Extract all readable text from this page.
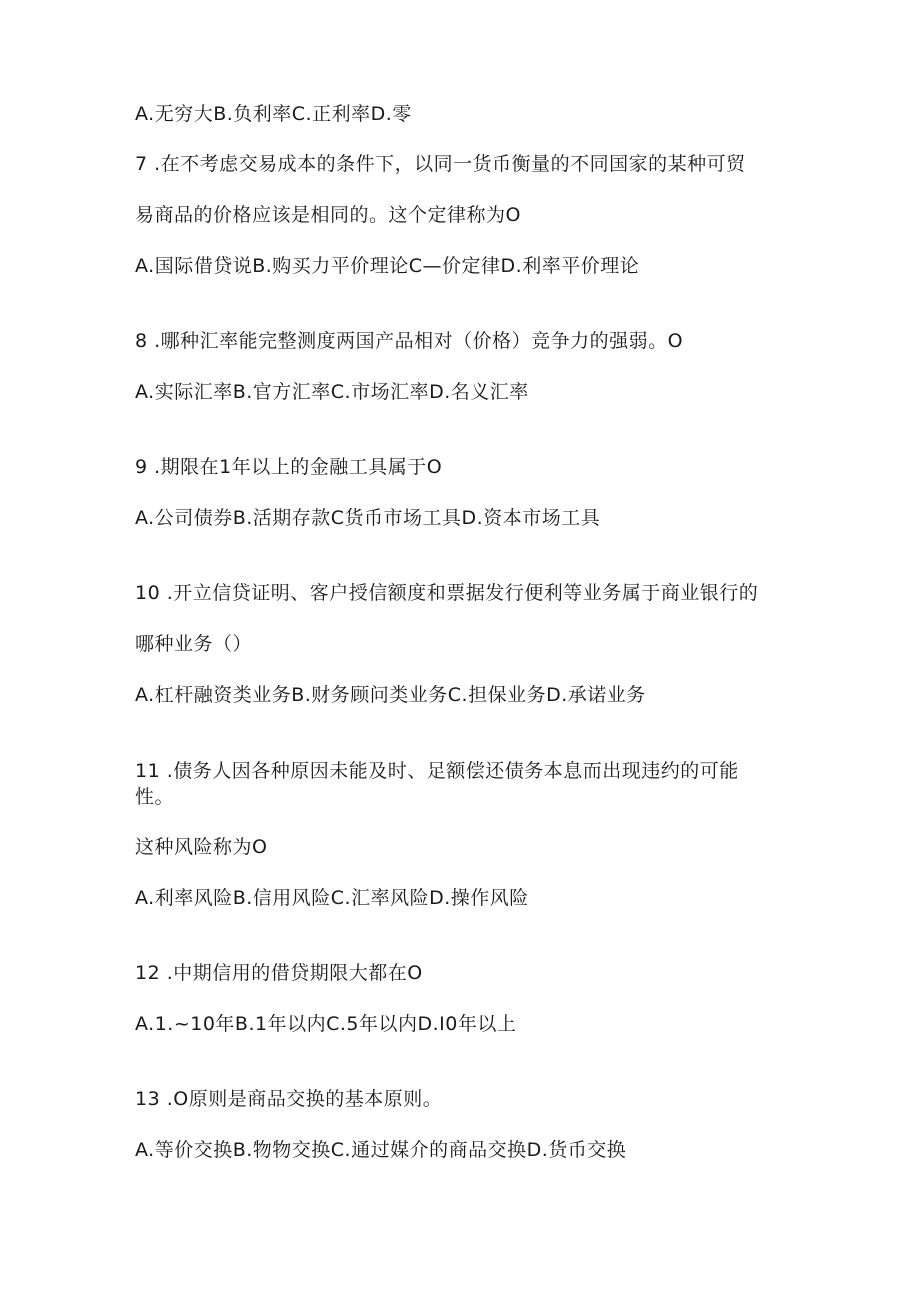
A.无穷大B.负利率C.正利率D.零
7 .在不考虑交易成本的条件下，以同一货币衡量的不同国家的某种可贸
易商品的价格应该是相同的。这个定律称为O
A.国际借贷说B.购买力平价理论C—价定律D.利率平价理论
8 .哪种汇率能完整测度两国产品相对（价格）竞争力的强弱。O
A.实际汇率B.官方汇率C.市场汇率D.名义汇率
9 .期限在1年以上的金融工具属于O
A.公司债券B.活期存款C货币市场工具D.资本市场工具
10 .开立信贷证明、客户授信额度和票据发行便利等业务属于商业银行的
哪种业务（）
A.杠杆融资类业务B.财务顾问类业务C.担保业务D.承诺业务
11 .债务人因各种原因未能及时、足额偿还债务本息而出现违约的可能
性。
这种风险称为O
A.利率风险B.信用风险C.汇率风险D.操作风险
12 .中期信用的借贷期限大都在O
A.1.~10年B.1年以内C.5年以内D.I0年以上
13 .O原则是商品交换的基本原则。
A.等价交换B.物物交换C.通过媒介的商品交换D.货币交换
